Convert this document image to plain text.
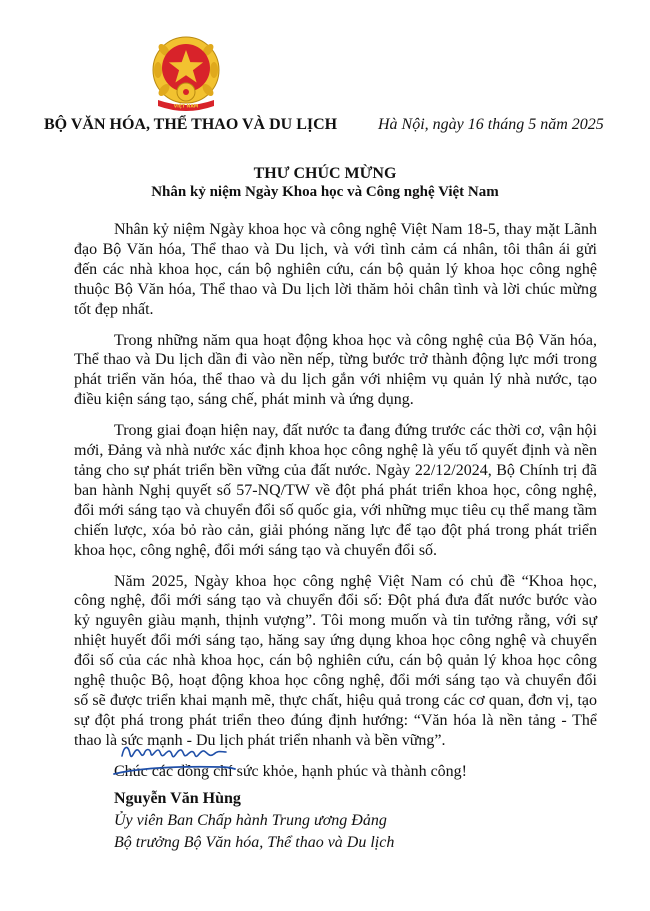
VIỆT NAM
BỘ VĂN HÓA, THỂ THAO VÀ DU LỊCH	Hà Nội, ngày 16 tháng 5 năm 2025
THƯ CHÚC MỪNG
Nhân kỷ niệm Ngày Khoa học và Công nghệ Việt Nam

Nhân kỷ niệm Ngày khoa học và công nghệ Việt Nam 18-5, thay mặt Lãnh đạo Bộ Văn hóa, Thể thao và Du lịch, và với tình cảm cá nhân, tôi thân ái gửi đến các nhà khoa học, cán bộ nghiên cứu, cán bộ quản lý khoa học công nghệ thuộc Bộ Văn hóa, Thể thao và Du lịch lời thăm hỏi chân tình và lời chúc mừng tốt đẹp nhất.

Trong những năm qua hoạt động khoa học và công nghệ của Bộ Văn hóa, Thể thao và Du lịch dần đi vào nền nếp, từng bước trở thành động lực mới trong phát triển văn hóa, thể thao và du lịch gắn với nhiệm vụ quản lý nhà nước, tạo điều kiện sáng tạo, sáng chế, phát minh và ứng dụng.

Trong giai đoạn hiện nay, đất nước ta đang đứng trước các thời cơ, vận hội mới, Đảng và nhà nước xác định khoa học công nghệ là yếu tố quyết định và nền tảng cho sự phát triển bền vững của đất nước. Ngày 22/12/2024, Bộ Chính trị đã ban hành Nghị quyết số 57-NQ/TW về đột phá phát triển khoa học, công nghệ, đổi mới sáng tạo và chuyển đổi số quốc gia, với những mục tiêu cụ thể mang tầm chiến lược, xóa bỏ rào cản, giải phóng năng lực để tạo đột phá trong phát triển khoa học, công nghệ, đổi mới sáng tạo và chuyển đổi số.

Năm 2025, Ngày khoa học công nghệ Việt Nam có chủ đề “Khoa học, công nghệ, đổi mới sáng tạo và chuyển đổi số: Đột phá đưa đất nước bước vào kỷ nguyên giàu mạnh, thịnh vượng”. Tôi mong muốn và tin tưởng rằng, với sự nhiệt huyết đổi mới sáng tạo, hăng say ứng dụng khoa học công nghệ và chuyển đổi số của các nhà khoa học, cán bộ nghiên cứu, cán bộ quản lý khoa học công nghệ thuộc Bộ, hoạt động khoa học công nghệ, đổi mới sáng tạo và chuyển đổi số sẽ được triển khai mạnh mẽ, thực chất, hiệu quả trong các cơ quan, đơn vị, tạo sự đột phá trong phát triển theo đúng định hướng: “Văn hóa là nền tảng - Thể thao là sức mạnh - Du lịch phát triển nhanh và bền vững”.

Chúc các đồng chí sức khỏe, hạnh phúc và thành công!

Nguyễn Văn Hùng
Ủy viên Ban Chấp hành Trung ương Đảng
Bộ trưởng Bộ Văn hóa, Thể thao và Du lịch
